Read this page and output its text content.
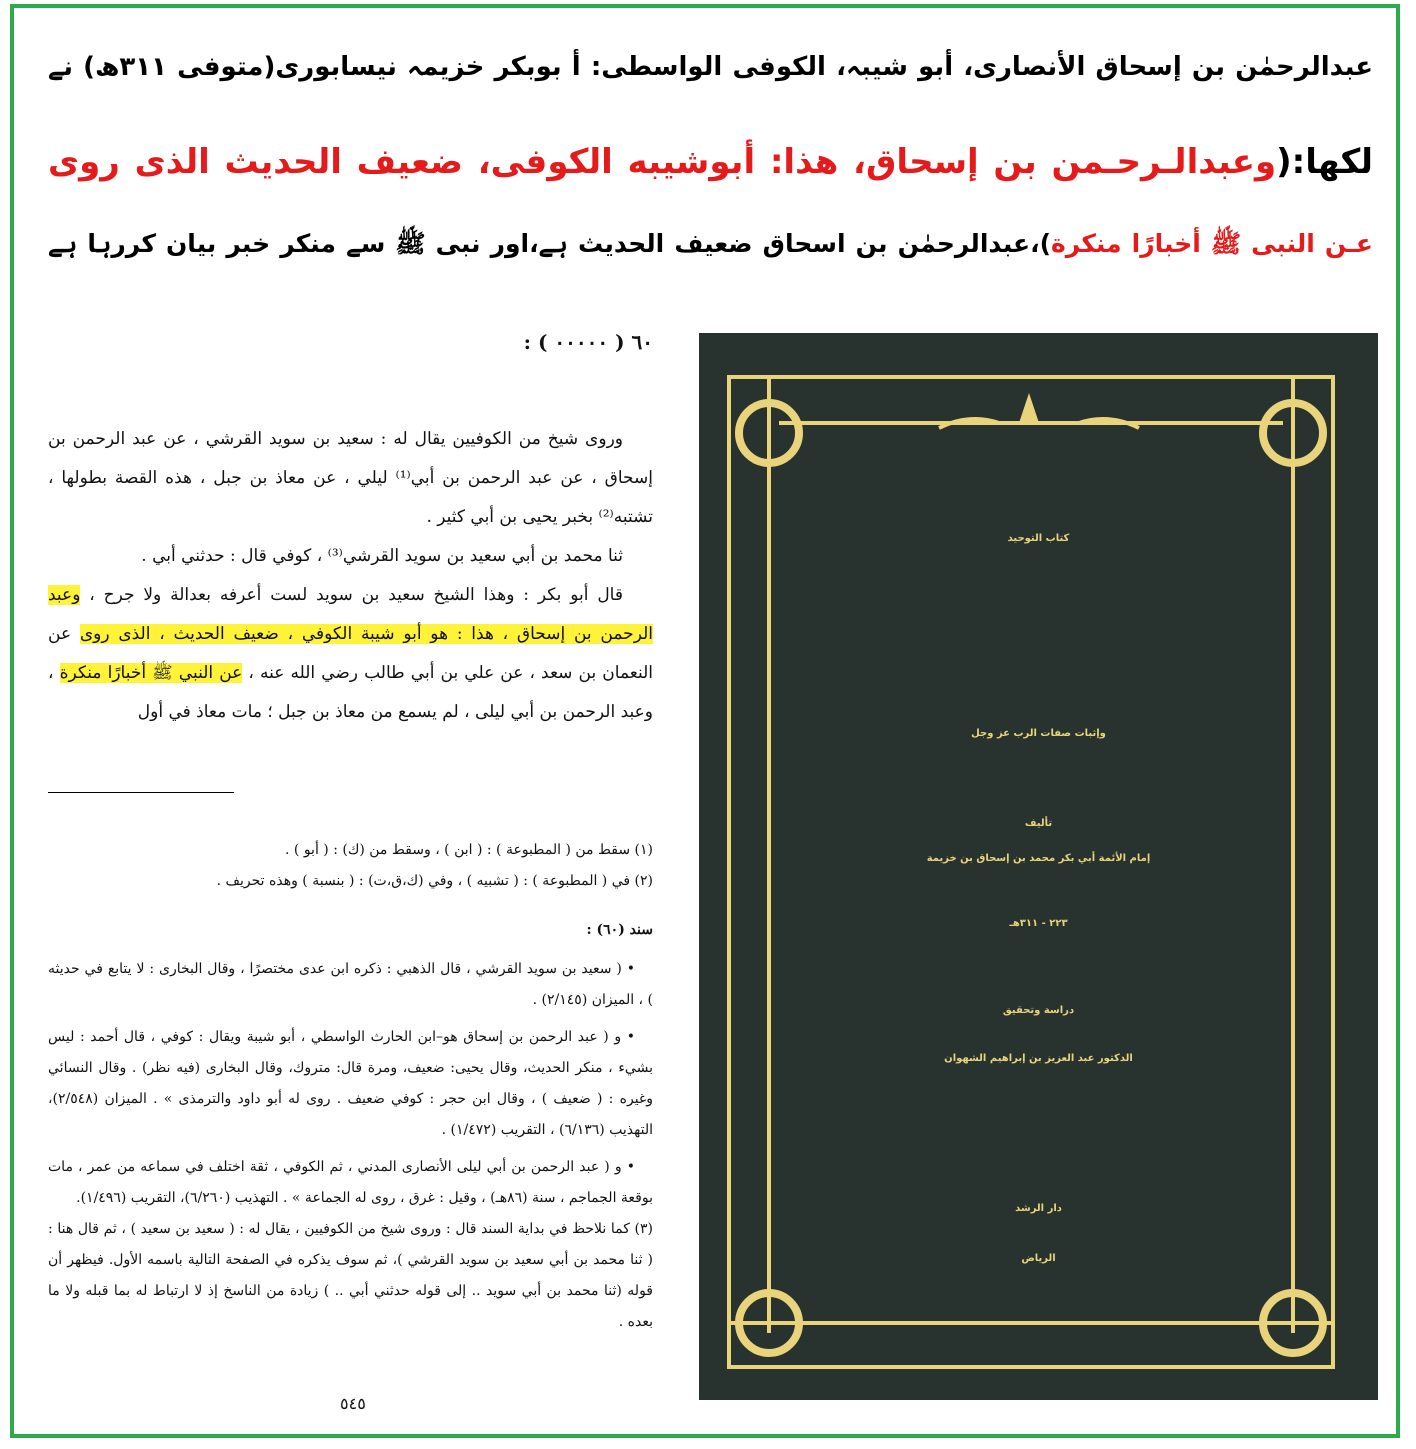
عبدالرحمٰن بن إسحاق الأنصاری، أبو شیبہ، الکوفی الواسطی: أ بوبکر خزیمہ نیسابوری(متوفی ۳۱۱ھ) نے
لکھا:(وعبدالـرحـمن بن إسحاق، هذا: أبوشيبه الكوفى، ضعيف الحديث الذى روى
عـن النبى ﷺ أخبارًا منكرة)،عبدالرحمٰن بن اسحاق ضعیف الحدیث ہے،اور نبی ﷺ سے منکر خبر بیان کررہا ہے
٦٠ ( ٠٠٠٠٠ ) :

وروى شيخ من الكوفيين يقال له : سعيد بن سويد القرشي ، عن عبد الرحمن بن إسحاق ، عن عبد الرحمن بن أبي⁽¹⁾ ليلي ، عن معاذ بن جبل ، هذه القصة بطولها ، تشتبه⁽²⁾ بخبر يحيى بن أبي كثير .

ثنا محمد بن أبي سعيد بن سويد القرشي⁽³⁾ ، كوفي قال : حدثني أبي .

قال أبو بكر : وهذا الشيخ سعيد بن سويد لست أعرفه بعدالة ولا جرح ، وعبد الرحمن بن إسحاق ، هذا : هو أبو شيبة الكوفي ، ضعيف الحديث ، الذى روى عن النعمان بن سعد ، عن علي بن أبي طالب رضي الله عنه ، عن النبي ﷺ أخبارًا منكرة ، وعبد الرحمن بن أبي ليلى ، لم يسمع من معاذ بن جبل ؛ مات معاذ في أول

(١) سقط من ( المطبوعة ) : ( ابن ) ، وسقط من (ك) : ( أبو ) .

(٢) في ( المطبوعة ) : ( تشبيه ) ، وفي (ك،ق،ت) : ( بنسبة ) وهذه تحريف .

سند (٦٠) :

• ( سعيد بن سويد القرشي ، قال الذهبي : ذكره ابن عدى مختصرًا ، وقال البخارى : لا يتابع في حديثه ) ، الميزان (٢/١٤٥) .

• و ( عبد الرحمن بن إسحاق هو–ابن الحارث الواسطي ، أبو شيبة ويقال : كوفي ، قال أحمد : ليس بشيء ، منكر الحديث، وقال يحيى: ضعيف، ومرة قال: متروك، وقال البخارى (فيه نظر) . وقال النسائي وغيره : ( ضعيف ) ، وقال ابن حجر : كوفي ضعيف . روى له أبو داود والترمذى » . الميزان (٢/٥٤٨)، التهذيب (٦/١٣٦) ، التقريب (١/٤٧٢) .

• و ( عبد الرحمن بن أبي ليلى الأنصارى المدني ، ثم الكوفي ، ثقة اختلف في سماعه من عمر ، مات بوقعة الجماجم ، سنة (٨٦هـ) ، وقيل : غرق ، روى له الجماعة » . التهذيب (٦/٢٦٠)، التقريب (١/٤٩٦).

(٣) كما نلاحظ في بداية السند قال : وروى شيخ من الكوفيين ، يقال له : ( سعيد بن سعيد ) ، ثم قال هنا : ( ثنا محمد بن أبي سعيد بن سويد القرشي )، ثم سوف يذكره في الصفحة التالية باسمه الأول. فيظهر أن قوله (ثنا محمد بن أبي سويد .. إلى قوله حدثني أبي .. ) زيادة من الناسخ إذ لا ارتباط له بما قبله ولا ما بعده .

٥٤٥
كتاب التوحيد
وإثبات صفات الرب عز وجل
تأليف
إمام الأئمة أبي بكر محمد بن إسحاق بن خزيمة
٢٢٣ - ٣١١هـ
دراسة وتحقيق
الدكتور عبد العزيز بن إبراهيم الشهوان
دار الرشد
الرياض
